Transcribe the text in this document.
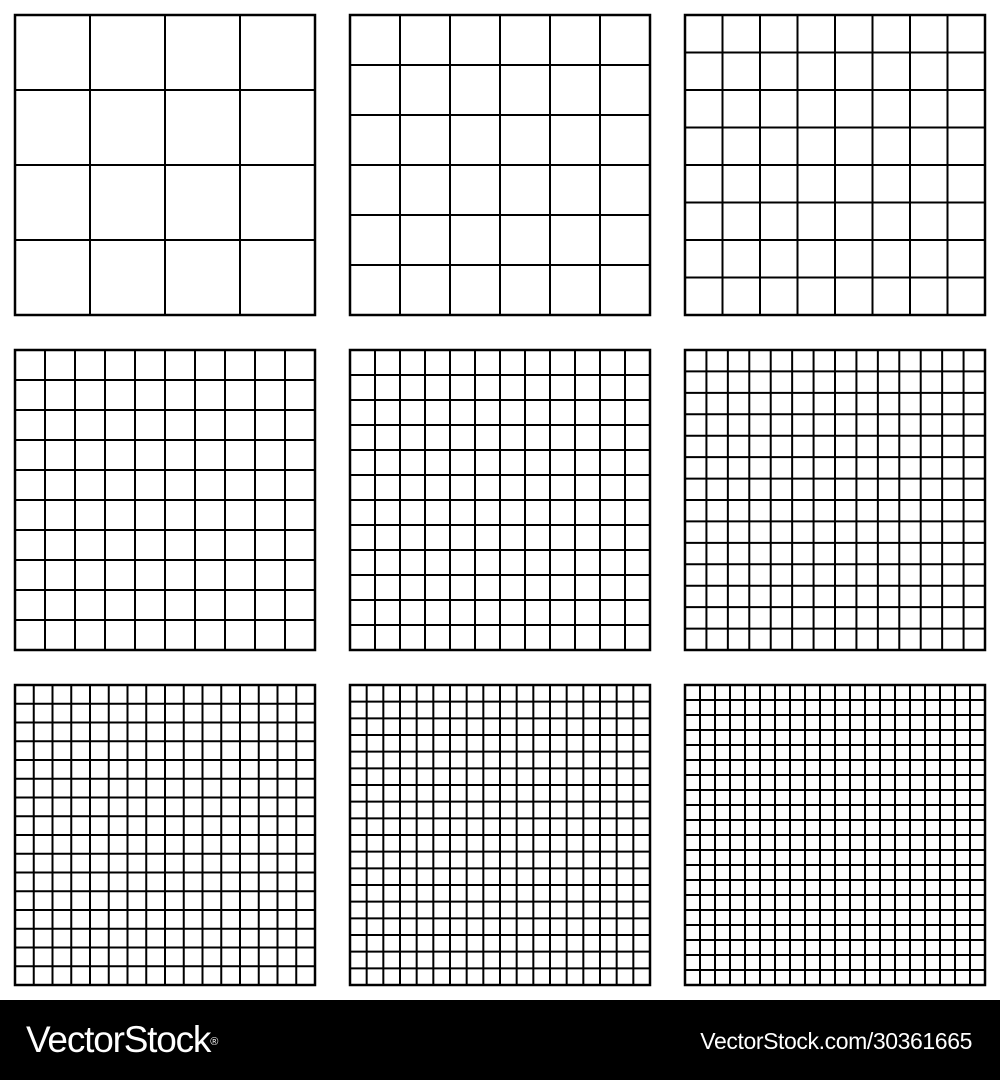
VectorStock®	VectorStock.com/30361665
